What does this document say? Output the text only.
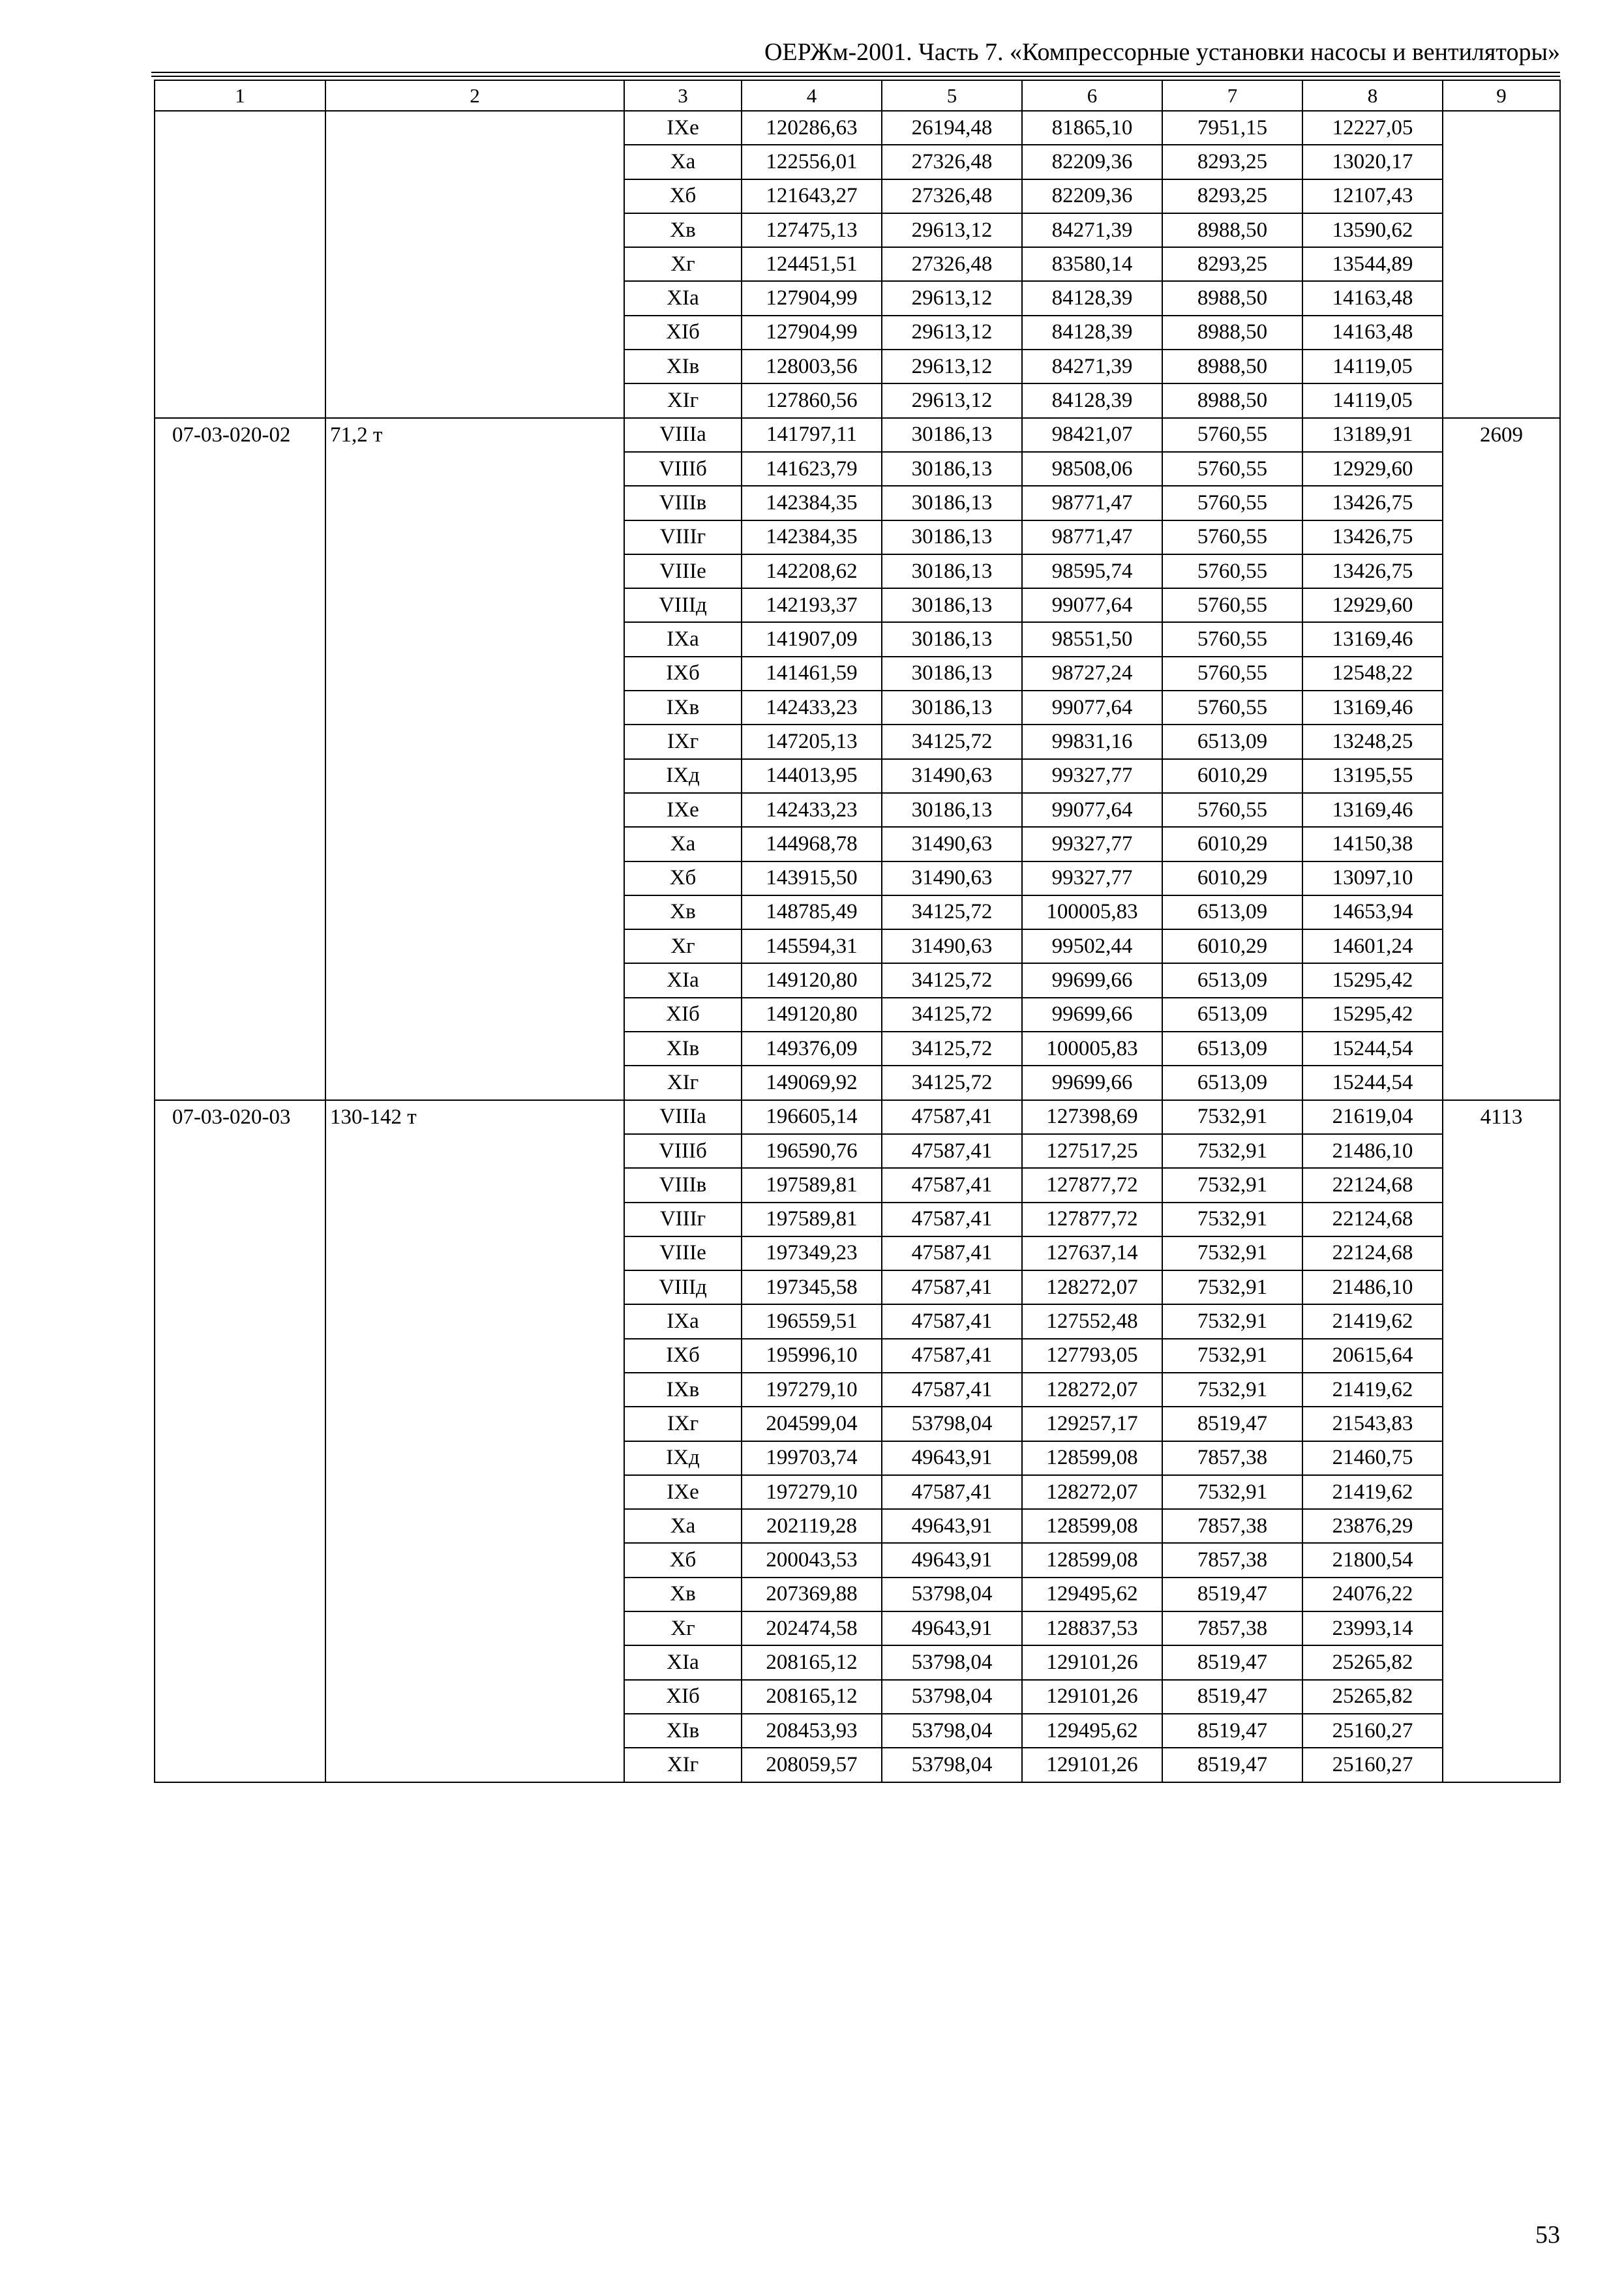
ОЕРЖм-2001. Часть 7. «Компрессорные установки насосы и вентиляторы»
1	2	3	4	5	6	7	8	9
		IXе	120286,63	26194,48	81865,10	7951,15	12227,05	
		Xа	122556,01	27326,48	82209,36	8293,25	13020,17	
		Xб	121643,27	27326,48	82209,36	8293,25	12107,43	
		Xв	127475,13	29613,12	84271,39	8988,50	13590,62	
		Xг	124451,51	27326,48	83580,14	8293,25	13544,89	
		XIа	127904,99	29613,12	84128,39	8988,50	14163,48	
		XIб	127904,99	29613,12	84128,39	8988,50	14163,48	
		XIв	128003,56	29613,12	84271,39	8988,50	14119,05	
		XIг	127860,56	29613,12	84128,39	8988,50	14119,05	
07-03-020-02	71,2 т	VIIIа	141797,11	30186,13	98421,07	5760,55	13189,91	2609
		VIIIб	141623,79	30186,13	98508,06	5760,55	12929,60	
		VIIIв	142384,35	30186,13	98771,47	5760,55	13426,75	
		VIIIг	142384,35	30186,13	98771,47	5760,55	13426,75	
		VIIIе	142208,62	30186,13	98595,74	5760,55	13426,75	
		VIIIд	142193,37	30186,13	99077,64	5760,55	12929,60	
		IXа	141907,09	30186,13	98551,50	5760,55	13169,46	
		IXб	141461,59	30186,13	98727,24	5760,55	12548,22	
		IXв	142433,23	30186,13	99077,64	5760,55	13169,46	
		IXг	147205,13	34125,72	99831,16	6513,09	13248,25	
		IXд	144013,95	31490,63	99327,77	6010,29	13195,55	
		IXе	142433,23	30186,13	99077,64	5760,55	13169,46	
		Xа	144968,78	31490,63	99327,77	6010,29	14150,38	
		Xб	143915,50	31490,63	99327,77	6010,29	13097,10	
		Xв	148785,49	34125,72	100005,83	6513,09	14653,94	
		Xг	145594,31	31490,63	99502,44	6010,29	14601,24	
		XIа	149120,80	34125,72	99699,66	6513,09	15295,42	
		XIб	149120,80	34125,72	99699,66	6513,09	15295,42	
		XIв	149376,09	34125,72	100005,83	6513,09	15244,54	
		XIг	149069,92	34125,72	99699,66	6513,09	15244,54	
07-03-020-03	130-142 т	VIIIа	196605,14	47587,41	127398,69	7532,91	21619,04	4113
		VIIIб	196590,76	47587,41	127517,25	7532,91	21486,10	
		VIIIв	197589,81	47587,41	127877,72	7532,91	22124,68	
		VIIIг	197589,81	47587,41	127877,72	7532,91	22124,68	
		VIIIе	197349,23	47587,41	127637,14	7532,91	22124,68	
		VIIIд	197345,58	47587,41	128272,07	7532,91	21486,10	
		IXа	196559,51	47587,41	127552,48	7532,91	21419,62	
		IXб	195996,10	47587,41	127793,05	7532,91	20615,64	
		IXв	197279,10	47587,41	128272,07	7532,91	21419,62	
		IXг	204599,04	53798,04	129257,17	8519,47	21543,83	
		IXд	199703,74	49643,91	128599,08	7857,38	21460,75	
		IXе	197279,10	47587,41	128272,07	7532,91	21419,62	
		Xа	202119,28	49643,91	128599,08	7857,38	23876,29	
		Xб	200043,53	49643,91	128599,08	7857,38	21800,54	
		Xв	207369,88	53798,04	129495,62	8519,47	24076,22	
		Xг	202474,58	49643,91	128837,53	7857,38	23993,14	
		XIа	208165,12	53798,04	129101,26	8519,47	25265,82	
		XIб	208165,12	53798,04	129101,26	8519,47	25265,82	
		XIв	208453,93	53798,04	129495,62	8519,47	25160,27	
		XIг	208059,57	53798,04	129101,26	8519,47	25160,27	
53
